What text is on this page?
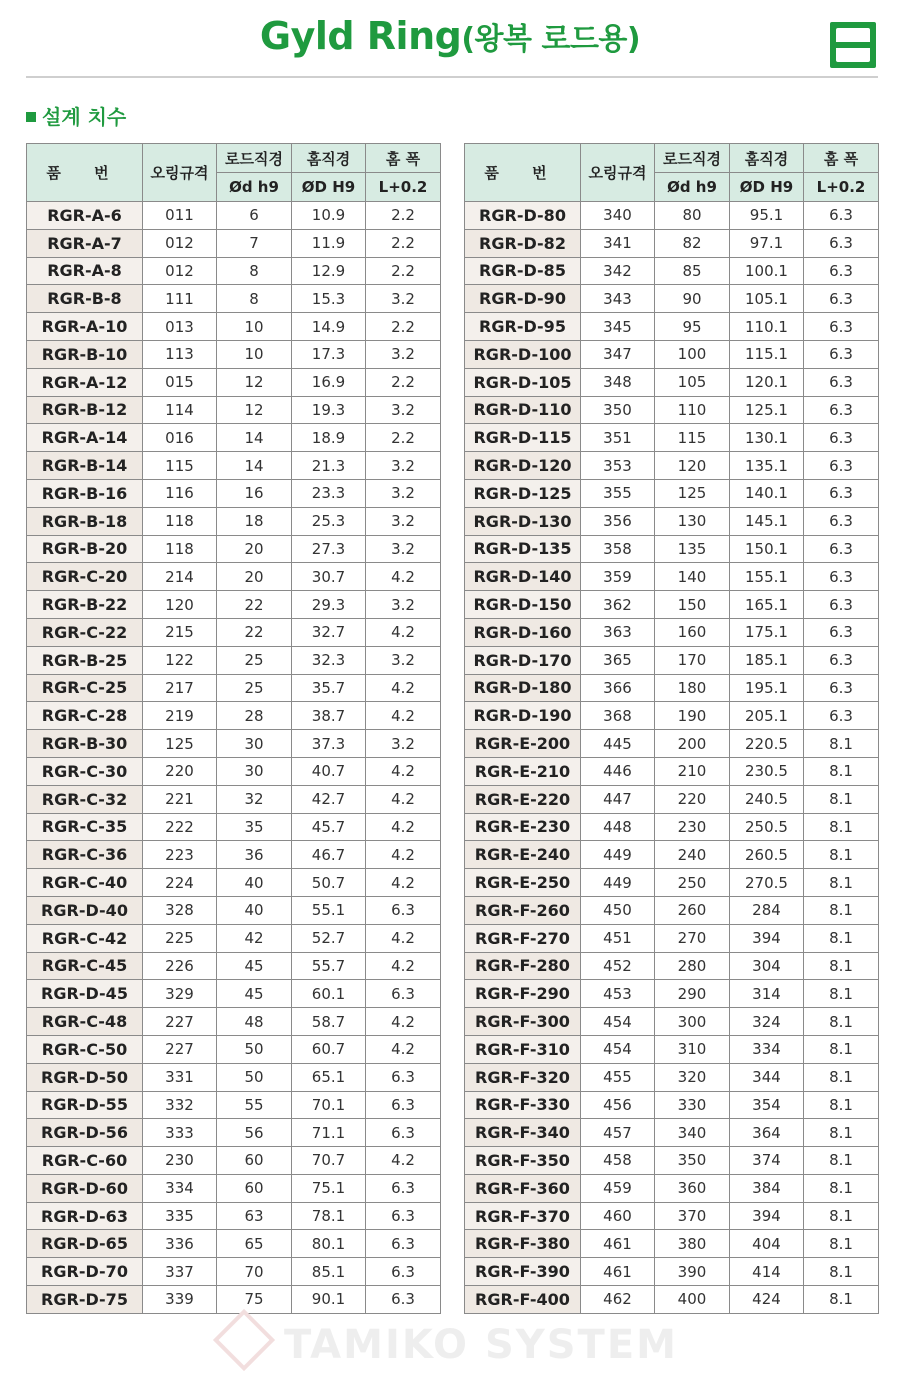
Gyld Ring(왕복 로드용)
설계 치수
품 번	오링규격	로드직경	홈직경	홈 폭
		Ød h9	ØD H9	L+0.2
RGR-A-6	011	6	10.9	2.2
RGR-A-7	012	7	11.9	2.2
RGR-A-8	012	8	12.9	2.2
RGR-B-8	111	8	15.3	3.2
RGR-A-10	013	10	14.9	2.2
RGR-B-10	113	10	17.3	3.2
RGR-A-12	015	12	16.9	2.2
RGR-B-12	114	12	19.3	3.2
RGR-A-14	016	14	18.9	2.2
RGR-B-14	115	14	21.3	3.2
RGR-B-16	116	16	23.3	3.2
RGR-B-18	118	18	25.3	3.2
RGR-B-20	118	20	27.3	3.2
RGR-C-20	214	20	30.7	4.2
RGR-B-22	120	22	29.3	3.2
RGR-C-22	215	22	32.7	4.2
RGR-B-25	122	25	32.3	3.2
RGR-C-25	217	25	35.7	4.2
RGR-C-28	219	28	38.7	4.2
RGR-B-30	125	30	37.3	3.2
RGR-C-30	220	30	40.7	4.2
RGR-C-32	221	32	42.7	4.2
RGR-C-35	222	35	45.7	4.2
RGR-C-36	223	36	46.7	4.2
RGR-C-40	224	40	50.7	4.2
RGR-D-40	328	40	55.1	6.3
RGR-C-42	225	42	52.7	4.2
RGR-C-45	226	45	55.7	4.2
RGR-D-45	329	45	60.1	6.3
RGR-C-48	227	48	58.7	4.2
RGR-C-50	227	50	60.7	4.2
RGR-D-50	331	50	65.1	6.3
RGR-D-55	332	55	70.1	6.3
RGR-D-56	333	56	71.1	6.3
RGR-C-60	230	60	70.7	4.2
RGR-D-60	334	60	75.1	6.3
RGR-D-63	335	63	78.1	6.3
RGR-D-65	336	65	80.1	6.3
RGR-D-70	337	70	85.1	6.3
RGR-D-75	339	75	90.1	6.3
품 번	오링규격	로드직경	홈직경	홈 폭
		Ød h9	ØD H9	L+0.2
RGR-D-80	340	80	95.1	6.3
RGR-D-82	341	82	97.1	6.3
RGR-D-85	342	85	100.1	6.3
RGR-D-90	343	90	105.1	6.3
RGR-D-95	345	95	110.1	6.3
RGR-D-100	347	100	115.1	6.3
RGR-D-105	348	105	120.1	6.3
RGR-D-110	350	110	125.1	6.3
RGR-D-115	351	115	130.1	6.3
RGR-D-120	353	120	135.1	6.3
RGR-D-125	355	125	140.1	6.3
RGR-D-130	356	130	145.1	6.3
RGR-D-135	358	135	150.1	6.3
RGR-D-140	359	140	155.1	6.3
RGR-D-150	362	150	165.1	6.3
RGR-D-160	363	160	175.1	6.3
RGR-D-170	365	170	185.1	6.3
RGR-D-180	366	180	195.1	6.3
RGR-D-190	368	190	205.1	6.3
RGR-E-200	445	200	220.5	8.1
RGR-E-210	446	210	230.5	8.1
RGR-E-220	447	220	240.5	8.1
RGR-E-230	448	230	250.5	8.1
RGR-E-240	449	240	260.5	8.1
RGR-E-250	449	250	270.5	8.1
RGR-F-260	450	260	284	8.1
RGR-F-270	451	270	394	8.1
RGR-F-280	452	280	304	8.1
RGR-F-290	453	290	314	8.1
RGR-F-300	454	300	324	8.1
RGR-F-310	454	310	334	8.1
RGR-F-320	455	320	344	8.1
RGR-F-330	456	330	354	8.1
RGR-F-340	457	340	364	8.1
RGR-F-350	458	350	374	8.1
RGR-F-360	459	360	384	8.1
RGR-F-370	460	370	394	8.1
RGR-F-380	461	380	404	8.1
RGR-F-390	461	390	414	8.1
RGR-F-400	462	400	424	8.1
TAMIKO SYSTEM
